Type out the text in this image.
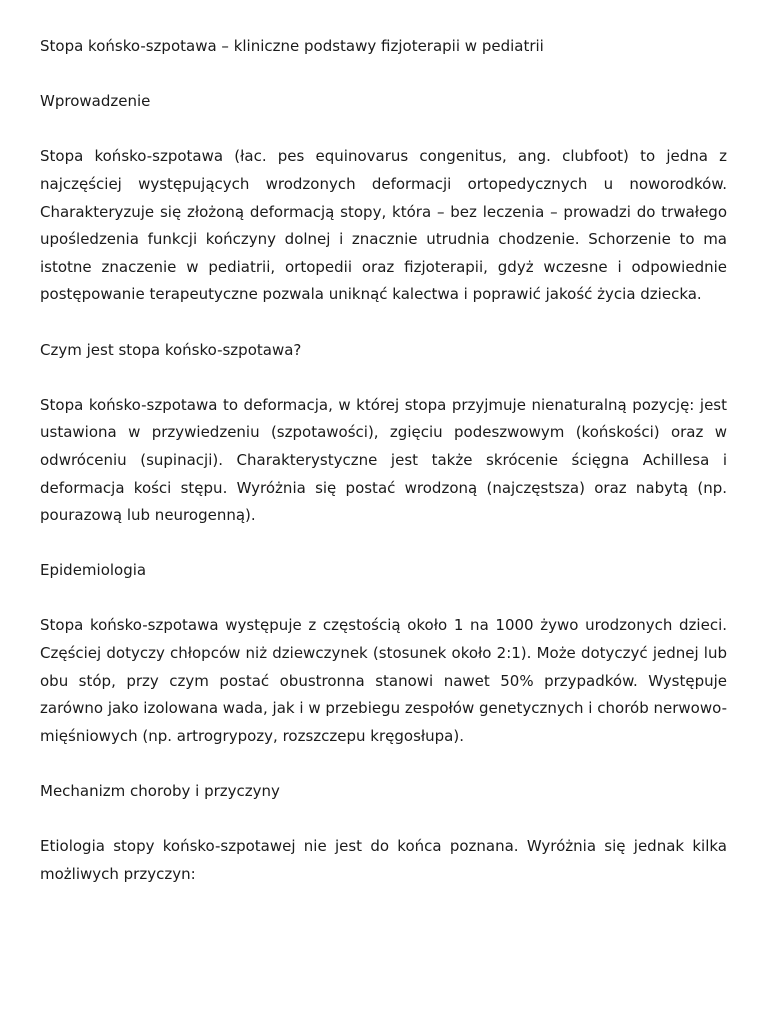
Stopa końsko-szpotawa – kliniczne podstawy fizjoterapii w pediatrii

Wprowadzenie

Stopa końsko-szpotawa (łac. pes equinovarus congenitus, ang. clubfoot) to jedna z najczęściej występujących wrodzonych deformacji ortopedycznych u noworodków. Charakteryzuje się złożoną deformacją stopy, która – bez leczenia – prowadzi do trwałego upośledzenia funkcji kończyny dolnej i znacznie utrudnia chodzenie. Schorzenie to ma istotne znaczenie w pediatrii, ortopedii oraz fizjoterapii, gdyż wczesne i odpowiednie postępowanie terapeutyczne pozwala uniknąć kalectwa i poprawić jakość życia dziecka.

Czym jest stopa końsko-szpotawa?

Stopa końsko-szpotawa to deformacja, w której stopa przyjmuje nienaturalną pozycję: jest ustawiona w przywiedzeniu (szpotawości), zgięciu podeszwowym (końskości) oraz w odwróceniu (supinacji). Charakterystyczne jest także skrócenie ścięgna Achillesa i deformacja kości stępu. Wyróżnia się postać wrodzoną (najczęstsza) oraz nabytą (np. pourazową lub neurogenną).

Epidemiologia

Stopa końsko-szpotawa występuje z częstością około 1 na 1000 żywo urodzonych dzieci. Częściej dotyczy chłopców niż dziewczynek (stosunek około 2:1). Może dotyczyć jednej lub obu stóp, przy czym postać obustronna stanowi nawet 50% przypadków. Występuje zarówno jako izolowana wada, jak i w przebiegu zespołów genetycznych i chorób nerwowo-mięśniowych (np. artrogrypozy, rozszczepu kręgosłupa).

Mechanizm choroby i przyczyny

Etiologia stopy końsko-szpotawej nie jest do końca poznana. Wyróżnia się jednak kilka możliwych przyczyn:
